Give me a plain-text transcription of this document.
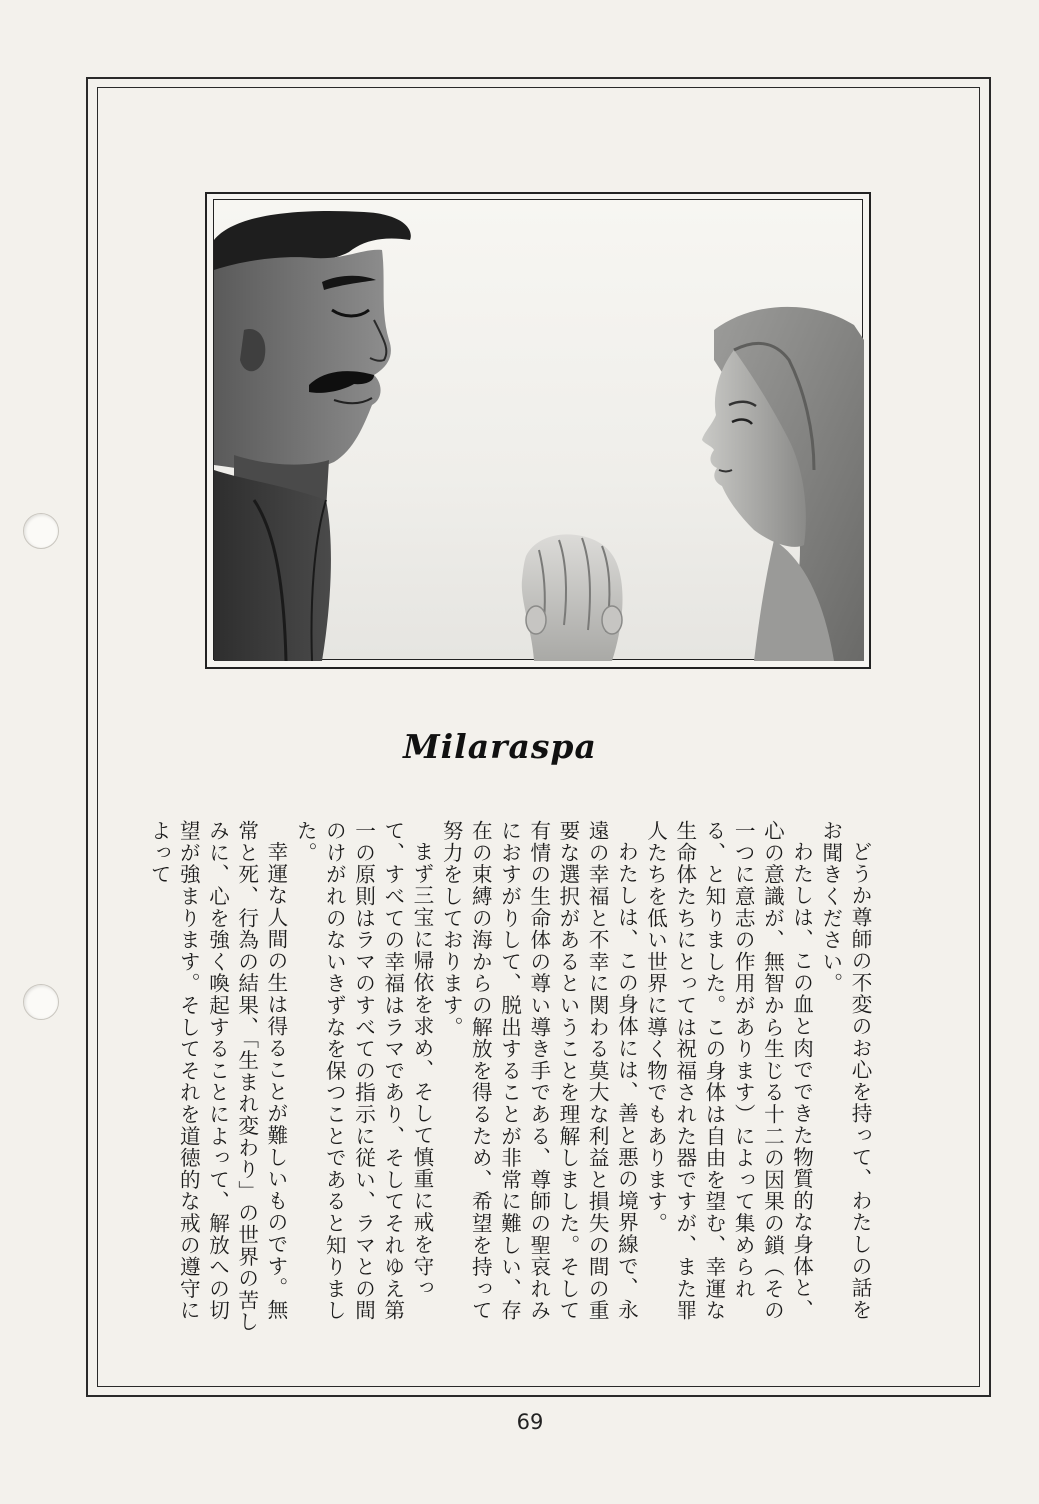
Milaraspa

どうか尊師の不変のお心を持って、わたしの話をお聞きください。

わたしは、この血と肉でできた物質的な身体と、心の意識が、無智から生じる十二の因果の鎖（その一つに意志の作用があります）によって集められる、と知りました。この身体は自由を望む、幸運な生命体たちにとっては祝福された器ですが、また罪人たちを低い世界に導く物でもあります。

わたしは、この身体には、善と悪の境界線で、永遠の幸福と不幸に関わる莫大な利益と損失の間の重要な選択があるということを理解しました。そして有情の生命体の尊い導き手である、尊師の聖哀れみにおすがりして、脱出することが非常に難しい、存在の束縛の海からの解放を得るため、希望を持って努力をしております。

まず三宝に帰依を求め、そして慎重に戒を守って、すべての幸福はラマであり、そしてそれゆえ第一の原則はラマのすべての指示に従い、ラマとの間のけがれのないきずなを保つことであると知りました。

幸運な人間の生は得ることが難しいものです。無常と死、行為の結果、「生まれ変わり」の世界の苦しみに、心を強く喚起することによって、解放への切望が強まります。そしてそれを道徳的な戒の遵守によって

69
